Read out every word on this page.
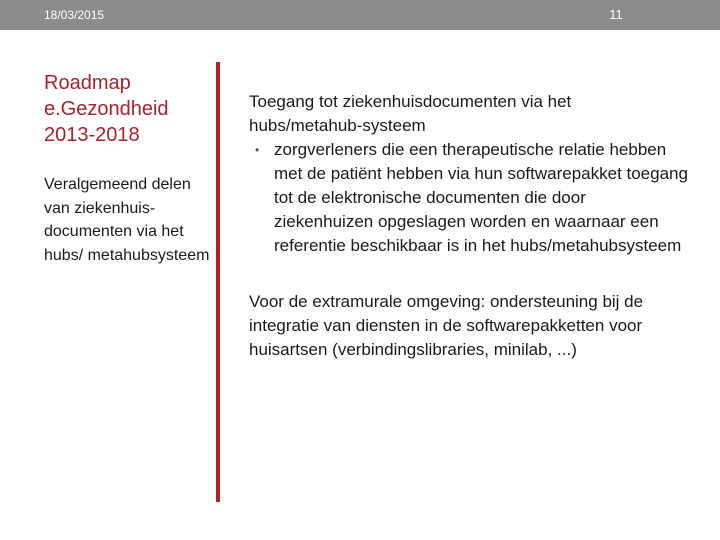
18/03/2015	11
Roadmap e.Gezondheid 2013-2018
Veralgemeend delen van ziekenhuis-documenten via het hubs/ metahubsysteem
Toegang tot ziekenhuisdocumenten via het hubs/metahub-systeem
• zorgverleners die een therapeutische relatie hebben met de patiënt hebben via hun softwarepakket toegang tot de elektronische documenten die door ziekenhuizen opgeslagen worden en waarnaar een referentie beschikbaar is in het hubs/metahubsysteem
Voor de extramurale omgeving: ondersteuning bij de integratie van diensten in de softwarepakketten voor huisartsen (verbindingslibraries, minilab, ...)
